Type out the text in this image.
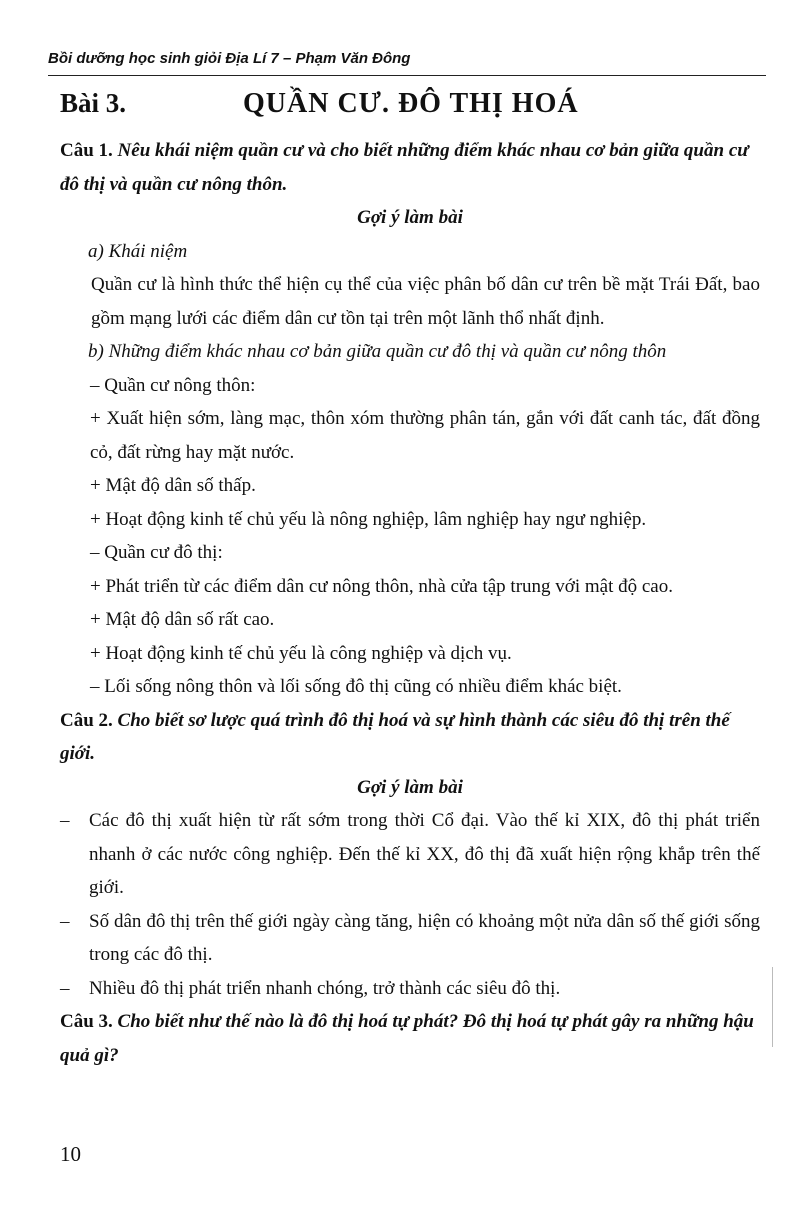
Bồi dưỡng học sinh giỏi Địa Lí 7 – Phạm Văn Đông
Bài 3.	QUẦN CƯ. ĐÔ THỊ HOÁ

Câu 1. Nêu khái niệm quần cư và cho biết những điểm khác nhau cơ bản giữa quần cư đô thị và quần cư nông thôn.

Gợi ý làm bài

a) Khái niệm

Quần cư là hình thức thể hiện cụ thể của việc phân bố dân cư trên bề mặt Trái Đất, bao gồm mạng lưới các điểm dân cư tồn tại trên một lãnh thổ nhất định.

b) Những điểm khác nhau cơ bản giữa quần cư đô thị và quần cư nông thôn

– Quần cư nông thôn:

+ Xuất hiện sớm, làng mạc, thôn xóm thường phân tán, gắn với đất canh tác, đất đồng cỏ, đất rừng hay mặt nước.

+ Mật độ dân số thấp.

+ Hoạt động kinh tế chủ yếu là nông nghiệp, lâm nghiệp hay ngư nghiệp.

– Quần cư đô thị:

+ Phát triển từ các điểm dân cư nông thôn, nhà cửa tập trung với mật độ cao.

+ Mật độ dân số rất cao.

+ Hoạt động kinh tế chủ yếu là công nghiệp và dịch vụ.

– Lối sống nông thôn và lối sống đô thị cũng có nhiều điểm khác biệt.

Câu 2. Cho biết sơ lược quá trình đô thị hoá và sự hình thành các siêu đô thị trên thế giới.

Gợi ý làm bài

– Các đô thị xuất hiện từ rất sớm trong thời Cổ đại. Vào thế kỉ XIX, đô thị phát triển nhanh ở các nước công nghiệp. Đến thế kỉ XX, đô thị đã xuất hiện rộng khắp trên thế giới.

– Số dân đô thị trên thế giới ngày càng tăng, hiện có khoảng một nửa dân số thế giới sống trong các đô thị.

– Nhiều đô thị phát triển nhanh chóng, trở thành các siêu đô thị.

Câu 3. Cho biết như thế nào là đô thị hoá tự phát? Đô thị hoá tự phát gây ra những hậu quả gì?

10
